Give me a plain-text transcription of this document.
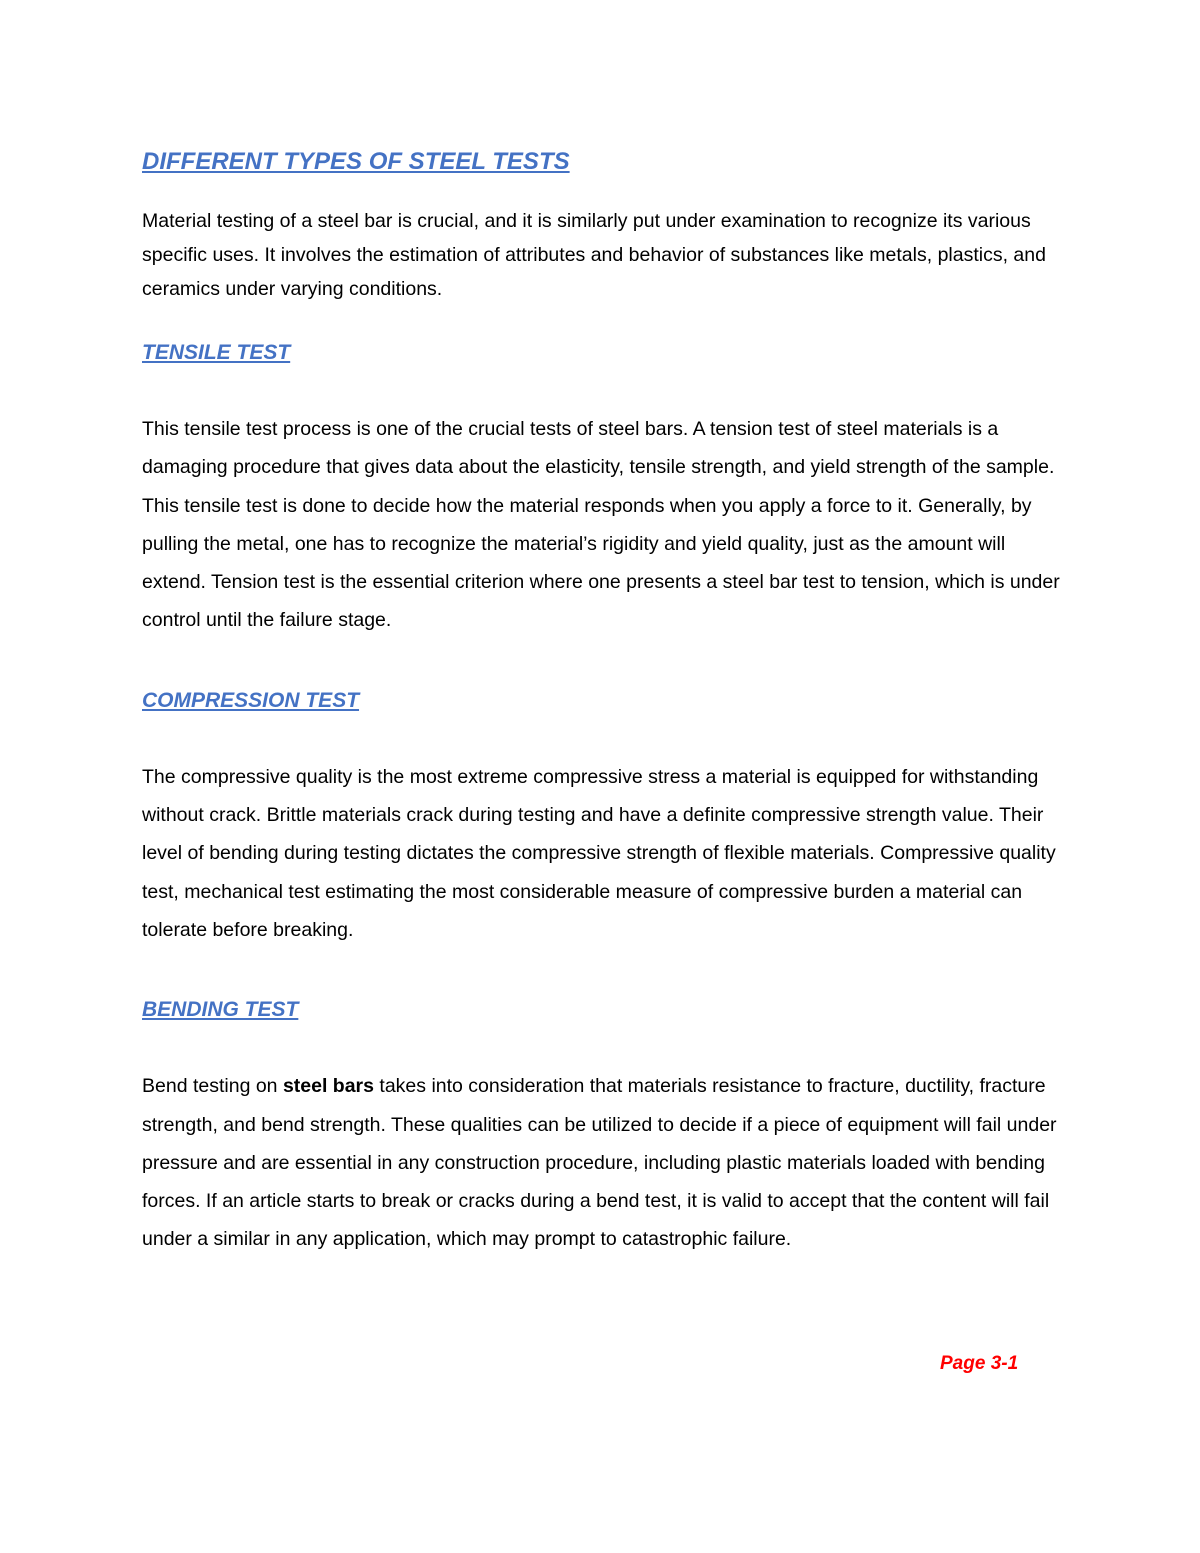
DIFFERENT TYPES OF STEEL TESTS

Material testing of a steel bar is crucial, and it is similarly put under examination to recognize its various specific uses. It involves the estimation of attributes and behavior of substances like metals, plastics, and ceramics under varying conditions.

TENSILE TEST

This tensile test process is one of the crucial tests of steel bars. A tension test of steel materials is a damaging procedure that gives data about the elasticity, tensile strength, and yield strength of the sample. This tensile test is done to decide how the material responds when you apply a force to it. Generally, by pulling the metal, one has to recognize the material’s rigidity and yield quality, just as the amount will extend. Tension test is the essential criterion where one presents a steel bar test to tension, which is under control until the failure stage.

COMPRESSION TEST

The compressive quality is the most extreme compressive stress a material is equipped for withstanding without crack. Brittle materials crack during testing and have a definite compressive strength value. Their level of bending during testing dictates the compressive strength of flexible materials. Compressive quality test, mechanical test estimating the most considerable measure of compressive burden a material can tolerate before breaking.

BENDING TEST

Bend testing on steel bars takes into consideration that materials resistance to fracture, ductility, fracture strength, and bend strength. These qualities can be utilized to decide if a piece of equipment will fail under pressure and are essential in any construction procedure, including plastic materials loaded with bending forces. If an article starts to break or cracks during a bend test, it is valid to accept that the content will fail under a similar in any application, which may prompt to catastrophic failure.

Page 3-1
